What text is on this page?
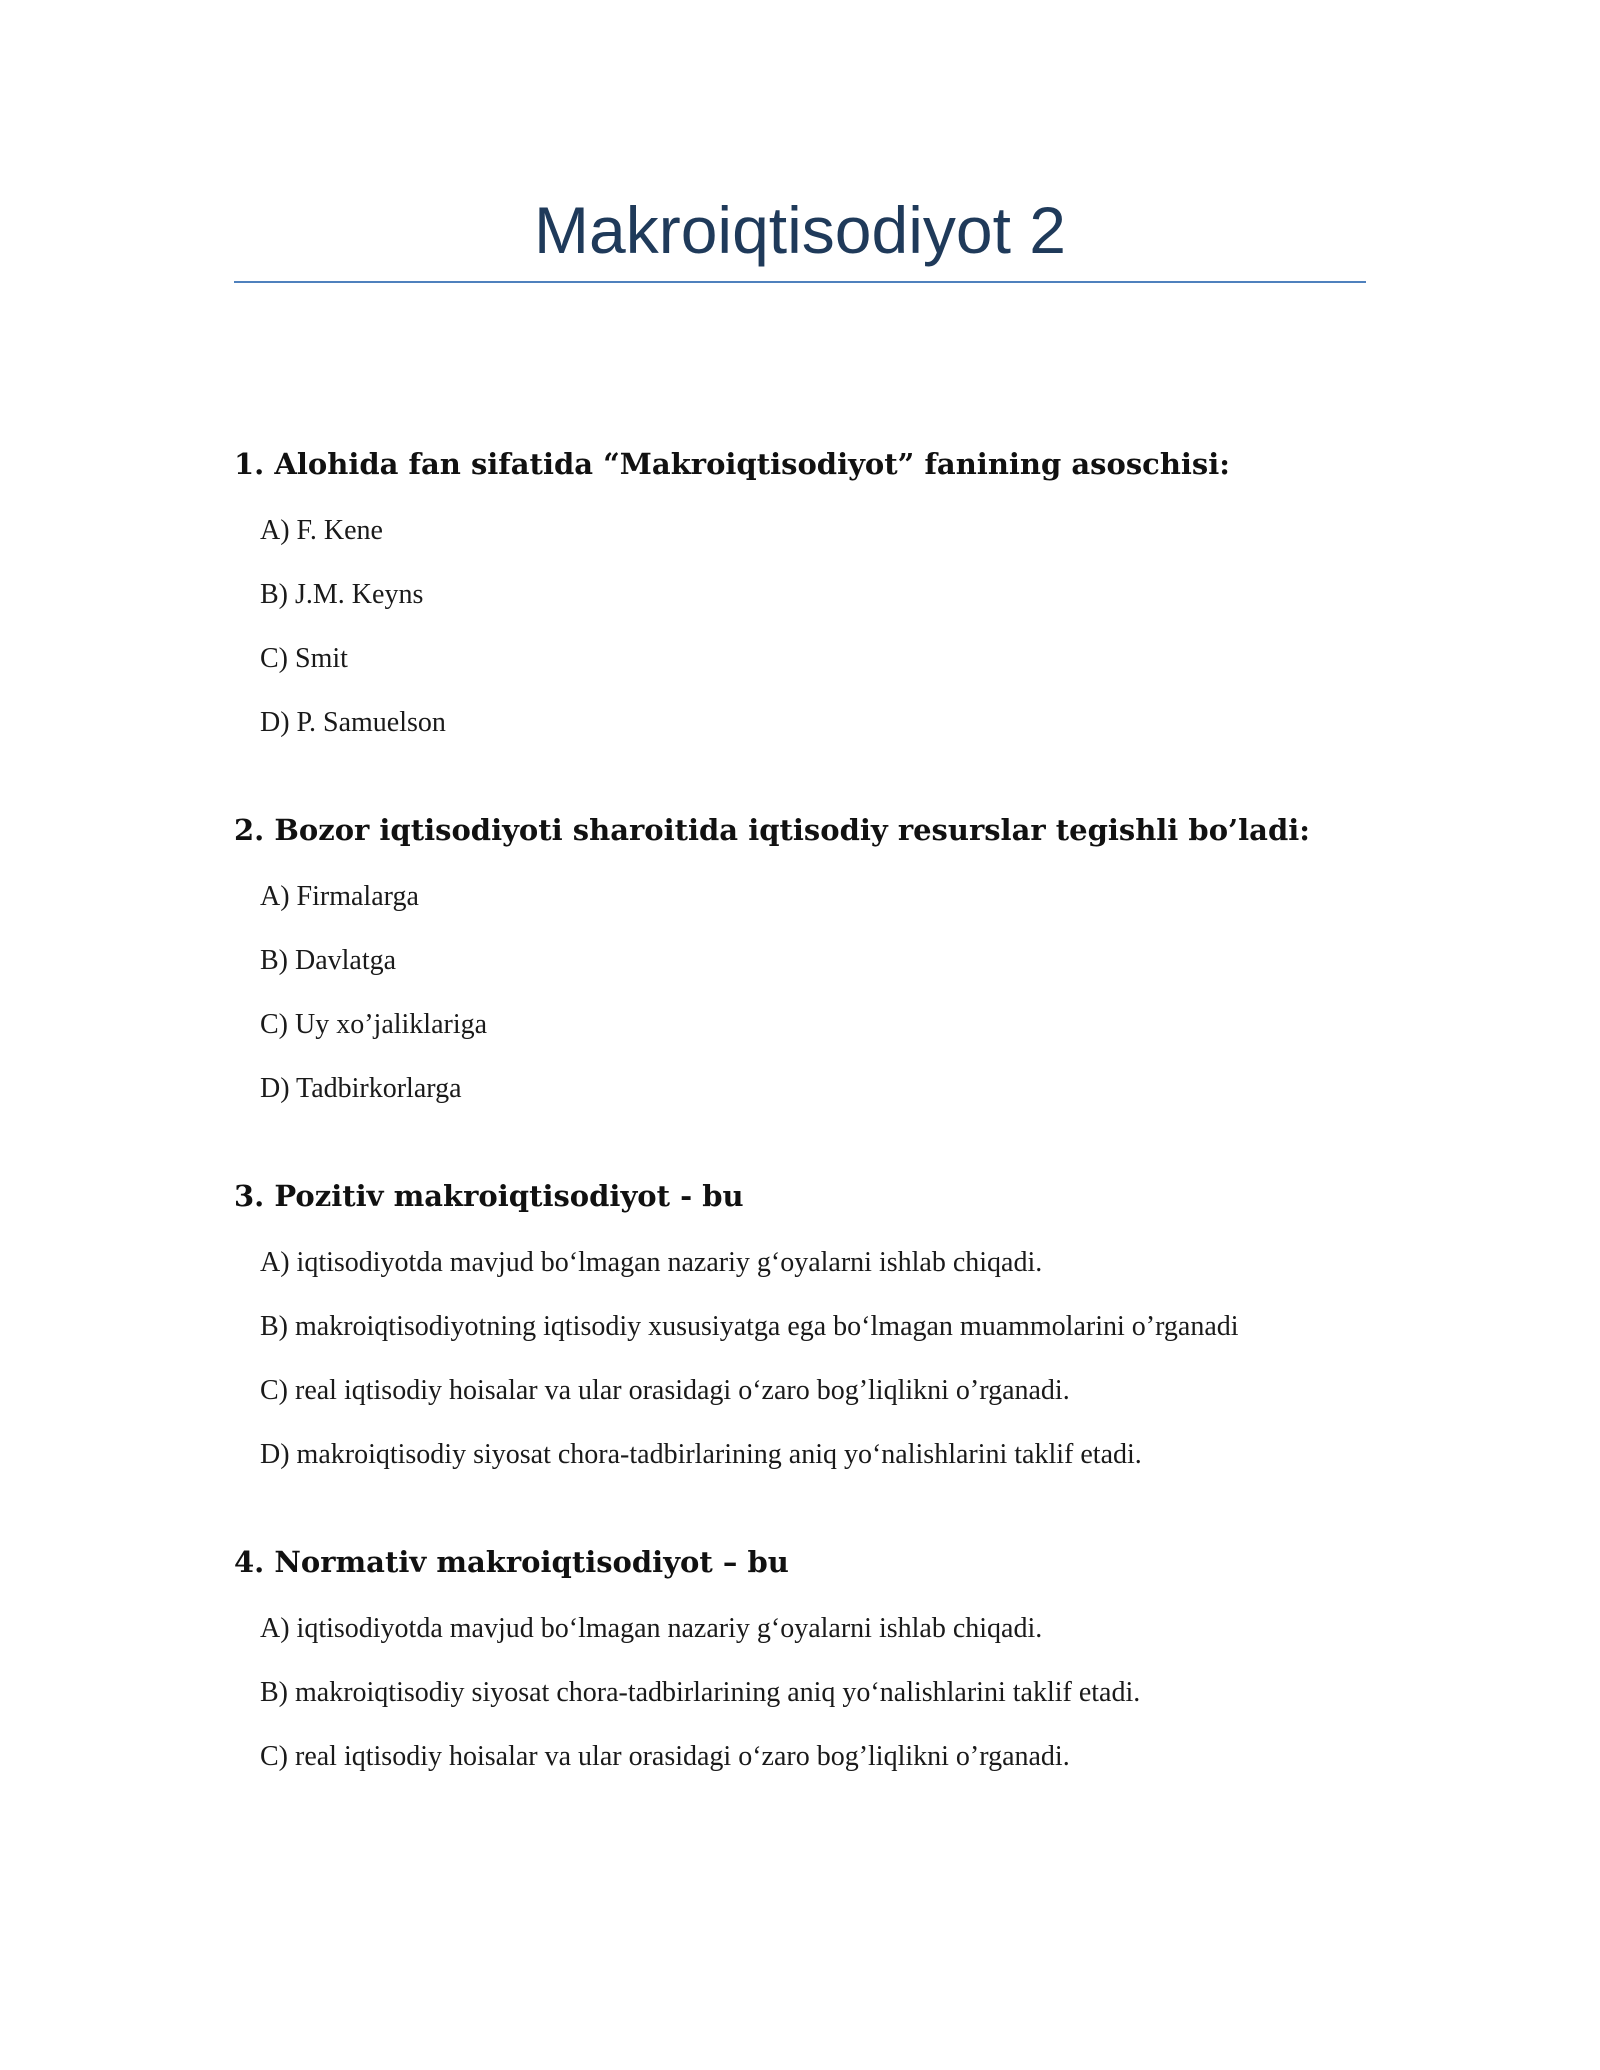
Makroiqtisodiyot 2

1. Alohida fan sifatida “Makroiqtisodiyot” fanining asoschisi:

A) F. Kene
B) J.M. Keyns
C) Smit
D) P. Samuelson

2. Bozor iqtisodiyoti sharoitida iqtisodiy resurslar tegishli bo’ladi:

A) Firmalarga
B) Davlatga
C) Uy xo’jaliklariga
D) Tadbirkorlarga

3. Pozitiv makroiqtisodiyot - bu

A) iqtisodiyotda mavjud bo‘lmagan nazariy g‘oyalarni ishlab chiqadi.
B) makroiqtisodiyotning iqtisodiy xususiyatga ega bo‘lmagan muammolarini o’rganadi
C) real iqtisodiy hoisalar va ular orasidagi o‘zaro bog’liqlikni o’rganadi.
D) makroiqtisodiy siyosat chora-tadbirlarining aniq yo‘nalishlarini taklif etadi.

4. Normativ makroiqtisodiyot – bu

A) iqtisodiyotda mavjud bo‘lmagan nazariy g‘oyalarni ishlab chiqadi.
B) makroiqtisodiy siyosat chora-tadbirlarining aniq yo‘nalishlarini taklif etadi.
C) real iqtisodiy hoisalar va ular orasidagi o‘zaro bog’liqlikni o’rganadi.
